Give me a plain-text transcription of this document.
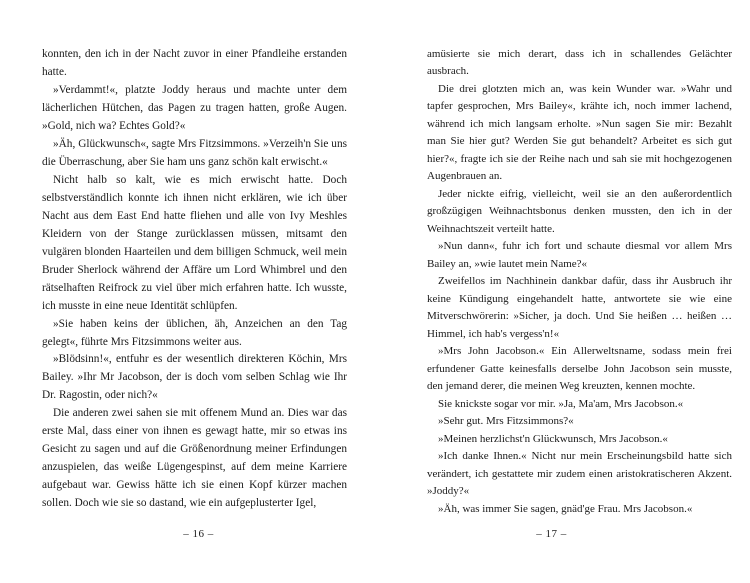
konnten, den ich in der Nacht zuvor in einer Pfandleihe erstanden hatte.

»Verdammt!«, platzte Joddy heraus und machte unter dem lächerlichen Hütchen, das Pagen zu tragen hatten, große Augen. »Gold, nich wa? Echtes Gold?«

»Äh, Glückwunsch«, sagte Mrs Fitzsimmons. »Verzeih'n Sie uns die Überraschung, aber Sie ham uns ganz schön kalt erwischt.«

Nicht halb so kalt, wie es mich erwischt hatte. Doch selbstverständlich konnte ich ihnen nicht erklären, wie ich über Nacht aus dem East End hatte fliehen und alle von Ivy Meshles Kleidern von der Stange zurücklassen müssen, mitsamt den vulgären blonden Haarteilen und dem billigen Schmuck, weil mein Bruder Sherlock während der Affäre um Lord Whimbrel und den rätselhaften Reifrock zu viel über mich erfahren hatte. Ich wusste, ich musste in eine neue Identität schlüpfen.

»Sie haben keins der üblichen, äh, Anzeichen an den Tag gelegt«, führte Mrs Fitzsimmons weiter aus.

»Blödsinn!«, entfuhr es der wesentlich direkteren Köchin, Mrs Bailey. »Ihr Mr Jacobson, der is doch vom selben Schlag wie Ihr Dr. Ragostin, oder nich?«

Die anderen zwei sahen sie mit offenem Mund an. Dies war das erste Mal, dass einer von ihnen es gewagt hatte, mir so etwas ins Gesicht zu sagen und auf die Größenordnung meiner Erfindungen anzuspielen, das weiße Lügengespinst, auf dem meine Karriere aufgebaut war. Gewiss hätte ich sie einen Kopf kürzer machen sollen. Doch wie sie so dastand, wie ein aufgeplusterter Igel,

– 16 –

amüsierte sie mich derart, dass ich in schallendes Gelächter ausbrach.

Die drei glotzten mich an, was kein Wunder war. »Wahr und tapfer gesprochen, Mrs Bailey«, krähte ich, noch immer lachend, während ich mich langsam erholte. »Nun sagen Sie mir: Bezahlt man Sie hier gut? Werden Sie gut behandelt? Arbeitet es sich gut hier?«, fragte ich sie der Reihe nach und sah sie mit hochgezogenen Augenbrauen an.

Jeder nickte eifrig, vielleicht, weil sie an den außerordentlich großzügigen Weihnachtsbonus denken mussten, den ich in der Weihnachtszeit verteilt hatte.

»Nun dann«, fuhr ich fort und schaute diesmal vor allem Mrs Bailey an, »wie lautet mein Name?«

Zweifellos im Nachhinein dankbar dafür, dass ihr Ausbruch ihr keine Kündigung eingehandelt hatte, antwortete sie wie eine Mitverschwörerin: »Sicher, ja doch. Und Sie heißen … heißen … Himmel, ich hab's vergess'n!«

»Mrs John Jacobson.« Ein Allerweltsname, sodass mein frei erfundener Gatte keinesfalls derselbe John Jacobson sein musste, den jemand derer, die meinen Weg kreuzten, kennen mochte.

Sie knickste sogar vor mir. »Ja, Ma'am, Mrs Jacobson.«

»Sehr gut. Mrs Fitzsimmons?«

»Meinen herzlichst'n Glückwunsch, Mrs Jacobson.«

»Ich danke Ihnen.« Nicht nur mein Erscheinungsbild hatte sich verändert, ich gestattete mir zudem einen aristokratischeren Akzent. »Joddy?«

»Äh, was immer Sie sagen, gnäd'ge Frau. Mrs Jacobson.«

– 17 –
